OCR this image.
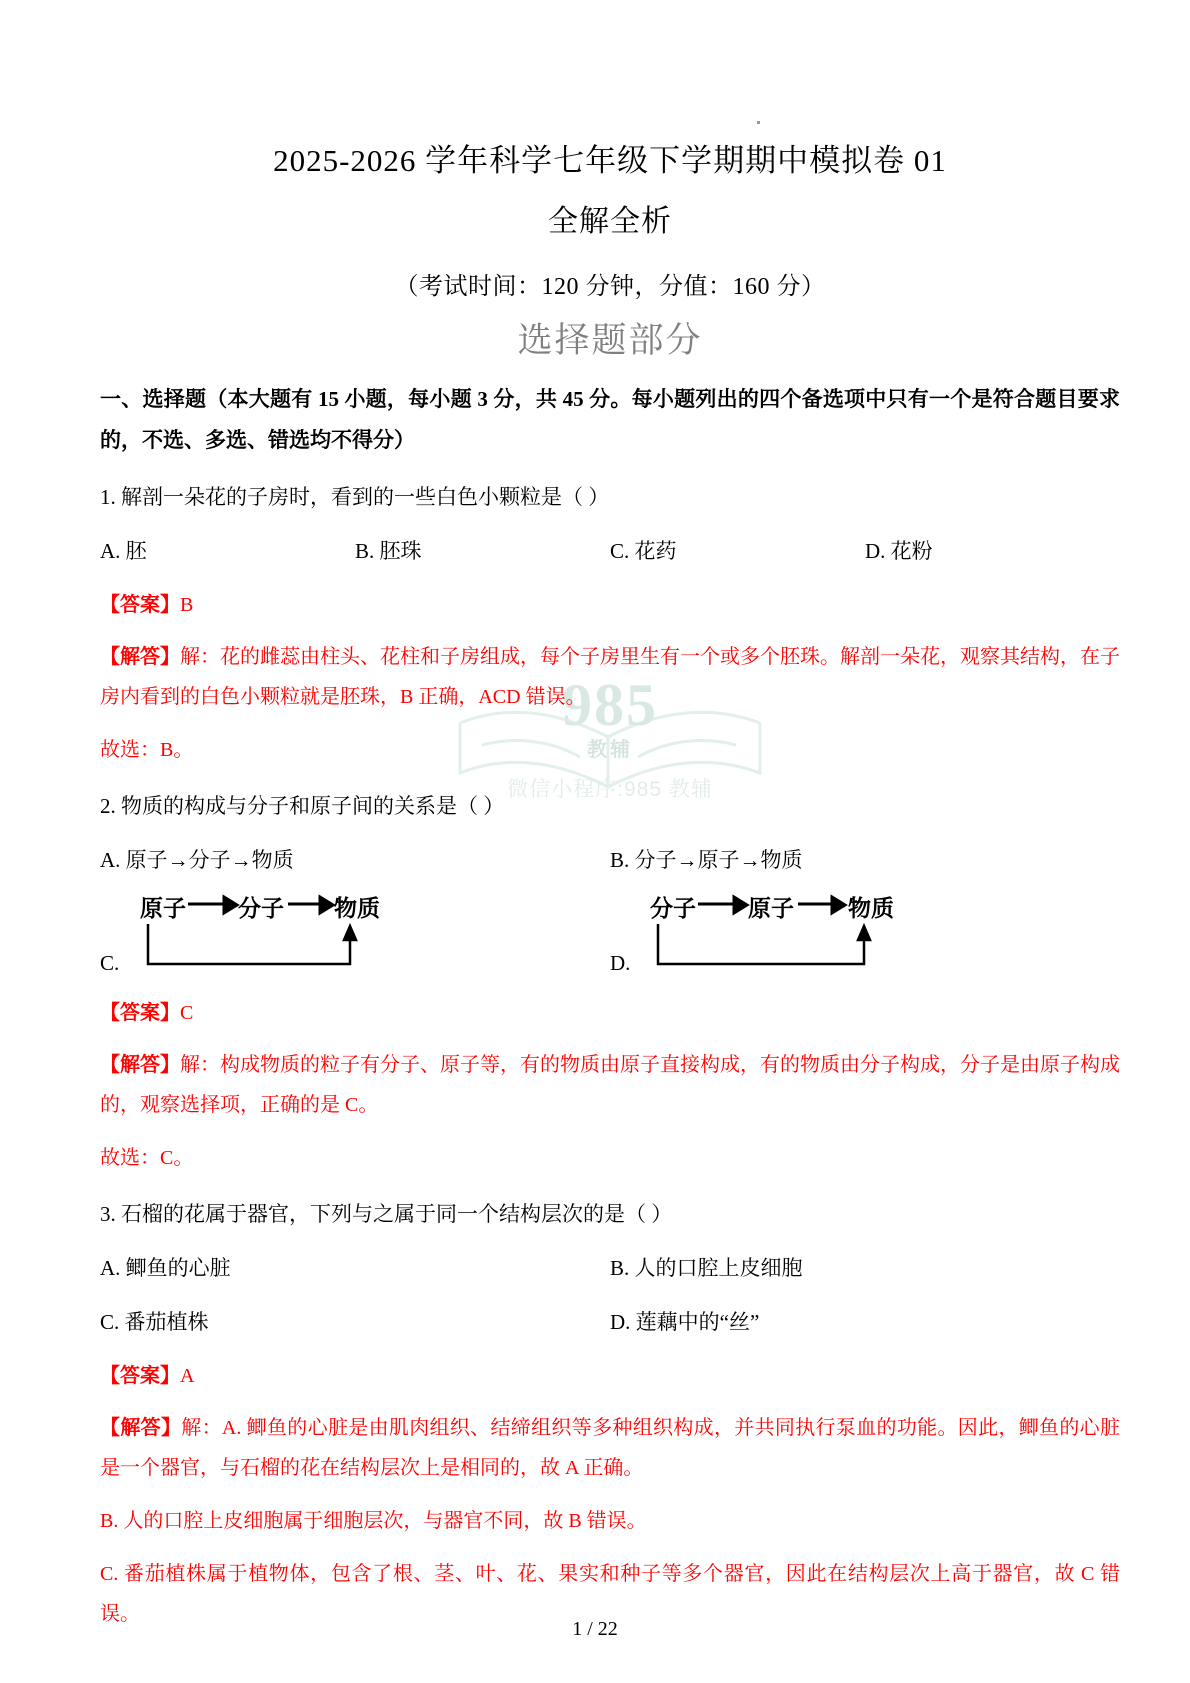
985
教辅
微信小程序:985 教辅
2025-2026 学年科学七年级下学期期中模拟卷 01
全解全析
（考试时间：120 分钟，分值：160 分）
选择题部分
一、选择题（本大题有 15 小题，每小题 3 分，共 45 分。每小题列出的四个备选项中只有一个是符合题目要求的，不选、多选、错选均不得分）
1. 解剖一朵花的子房时，看到的一些白色小颗粒是（ ）
A. 胚	B. 胚珠	C. 花药	D. 花粉
【答案】B
【解答】解：花的雌蕊由柱头、花柱和子房组成，每个子房里生有一个或多个胚珠。解剖一朵花，观察其结构，在子房内看到的白色小颗粒就是胚珠，B 正确，ACD 错误。
故选：B。
2. 物质的构成与分子和原子间的关系是（ ）
A. 原子→分子→物质	B. 分子→原子→物质
C.
原子 分子 物质
D.
分子 原子 物质
【答案】C
【解答】解：构成物质的粒子有分子、原子等，有的物质由原子直接构成，有的物质由分子构成，分子是由原子构成的，观察选择项，正确的是 C。
故选：C。
3. 石榴的花属于器官，下列与之属于同一个结构层次的是（ ）
A. 鲫鱼的心脏	B. 人的口腔上皮细胞
C. 番茄植株	D. 莲藕中的“丝”
【答案】A
【解答】解：A. 鲫鱼的心脏是由肌肉组织、结缔组织等多种组织构成，并共同执行泵血的功能。因此，鲫鱼的心脏是一个器官，与石榴的花在结构层次上是相同的，故 A 正确。
B. 人的口腔上皮细胞属于细胞层次，与器官不同，故 B 错误。
C. 番茄植株属于植物体，包含了根、茎、叶、花、果实和种子等多个器官，因此在结构层次上高于器官，故 C 错误。
1 / 22
